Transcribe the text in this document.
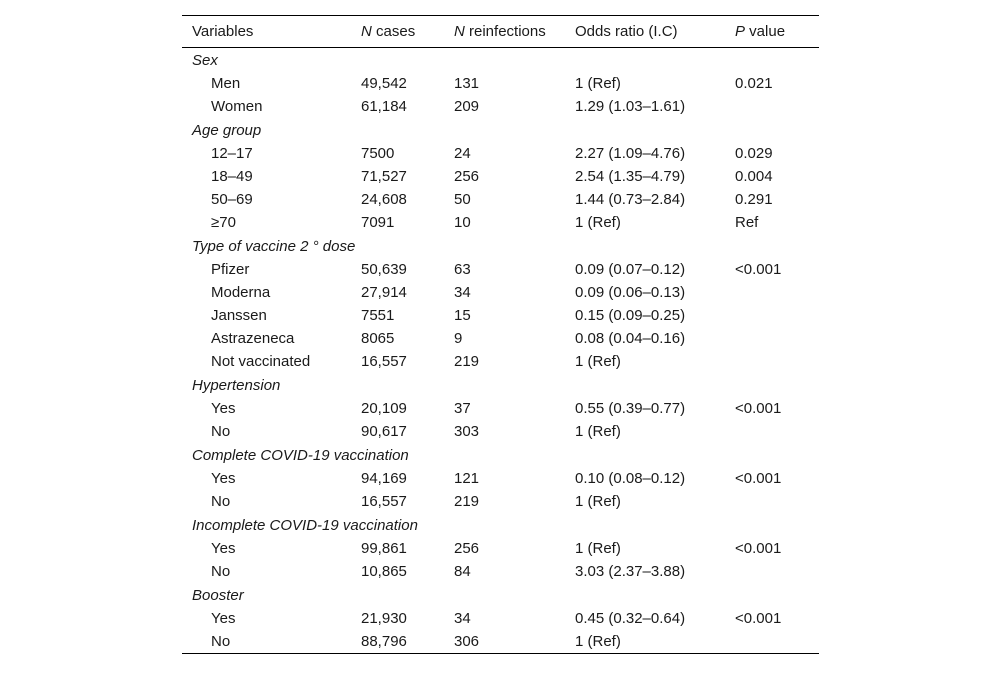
Variables	N cases	N reinfections	Odds ratio (I.C)	P value
Sex				
Men	49,542	131	1 (Ref)	0.021
Women	61,184	209	1.29 (1.03–1.61)	
Age group				
12–17	7500	24	2.27 (1.09–4.76)	0.029
18–49	71,527	256	2.54 (1.35–4.79)	0.004
50–69	24,608	50	1.44 (0.73–2.84)	0.291
≥70	7091	10	1 (Ref)	Ref
Type of vaccine 2 ° dose				
Pfizer	50,639	63	0.09 (0.07–0.12)	<0.001
Moderna	27,914	34	0.09 (0.06–0.13)	
Janssen	7551	15	0.15 (0.09–0.25)	
Astrazeneca	8065	9	0.08 (0.04–0.16)	
Not vaccinated	16,557	219	1 (Ref)	
Hypertension				
Yes	20,109	37	0.55 (0.39–0.77)	<0.001
No	90,617	303	1 (Ref)	
Complete COVID-19 vaccination				
Yes	94,169	121	0.10 (0.08–0.12)	<0.001
No	16,557	219	1 (Ref)	
Incomplete COVID-19 vaccination				
Yes	99,861	256	1 (Ref)	<0.001
No	10,865	84	3.03 (2.37–3.88)	
Booster				
Yes	21,930	34	0.45 (0.32–0.64)	<0.001
No	88,796	306	1 (Ref)	
